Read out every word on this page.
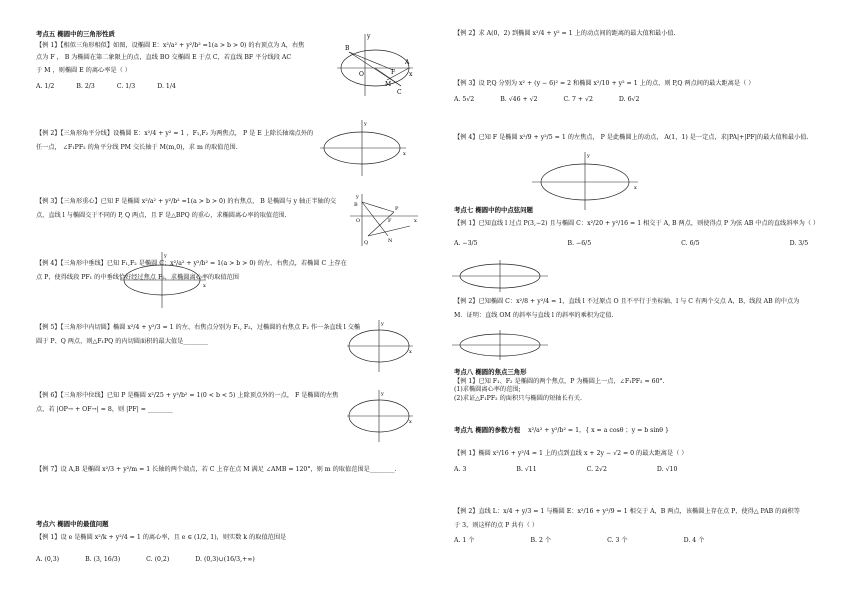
考点五 椭圆中的三角形性质
【例 1】【相似三角形相似】如图，设椭圆 E：x²/a² + y²/b² =1(a > b > 0) 的右顶点为 A，右焦
点为 F ， B 为椭圆在第二象限上的点，直线 BO 交椭圆 E 于点 C，若直线 BF 平分线段 AC
于 M ，则椭圆 E 的离心率是（ ）
A. 1/2	B. 2/3	C. 1/3	D. 1/4
B
y
A
x
C
F
M
O
【例 2】【三角形角平分线】设椭圆 E：x²/4 + y² = 1 ，F₁,F₂ 为两焦点， P 是 E 上除长轴端点外的
任一点， ∠F₁PF₂ 的角平分线 PM 交长轴于 M(m,0)，求 m 的取值范围.
y
x
【例 3】【三角形重心】已知 F 是椭圆 x²/a² + y²/b² =1(a > b > 0) 的右焦点， B 是椭圆与 y 轴正半轴的交
点，直线 l 与椭圆交于不同的 P, Q 两点，且 F 是△BPQ 的重心，求椭圆离心率的取值范围.
y
B
P
F	x
O
Q	N
【例 4】【三角形中垂线】已知 F₁,F₂ 是椭圆 C：x²/a² + y²/b² = 1(a > b > 0) 的左、右焦点，若椭圆 C 上存在
点 P，使得线段 PF₁ 的中垂线恰好经过焦点 F₂，求椭圆离心率的取值范围
y
x
【例 5】【三角形中内切圆】椭圆 x²/4 + y²/3 = 1 的左、右焦点分别为 F₁, F₂，过椭圆的右焦点 F₂ 作一条直线 l 交椭
圆于 P、Q 两点，则△F₁PQ 的内切圆面积的最大值是________
y
x
【例 6】【三角形中位线】已知 P 是椭圆 x²/25 + y²/b² = 1(0 < b < 5) 上除顶点外的一点， F 是椭圆的左焦
点，若 |OP→ + OF→| = 8，则 |PF| = ________
y
x
【例 7】设 A,B 是椭圆 x²/3 + y²/m = 1 长轴的两个端点，若 C 上存在点 M 满足 ∠AMB = 120°，则 m 的取值范围是________.
考点六 椭圆中的最值问题
【例 1】设 e 是椭圆 x²/k + y²/4 = 1 的离心率，且 e ∈ (1/2, 1)，则实数 k 的取值范围是
A. (0,3)	B. (3, 16/3)	C. (0,2)	D. (0,3)∪(16/3,+∞)
【例 2】求 A(0，2) 到椭圆 x²/4 + y² = 1 上的动点间的距离的最大值和最小值.
【例 3】设 P,Q 分别为 x² + (y − 6)² = 2 和椭圆 x²/10 + y² = 1 上的点，则 P,Q 两点间的最大距离是（ ）
A. 5√2	B. √46 + √2	C. 7 + √2	D. 6√2
【例 4】已知 F 是椭圆 x²/9 + y²/5 = 1 的左焦点， P 是此椭圆上的动点， A(1，1) 是一定点，求|PA|+|PF|的最大值和最小值.
y
x
考点七 椭圆中的中点弦问题
【例 1】已知直线 l 过点 P(3,−2) 且与椭圆 C：x²/20 + y²/16 = 1 相交于 A, B 两点，则使得点 P 为弦 AB 中点的直线斜率为（ ）
A. −3/5	B. −6/5	C. 6/5	D. 3/5
【例 2】已知椭圆 C：x²/8 + y²/4 = 1，直线 l 不过原点 O 且不平行于坐标轴，l 与 C 有两个交点 A，B，线段 AB 的中点为
M．证明：直线 OM 的斜率与直线 l 的斜率的乘积为定值.
考点八 椭圆的焦点三角形
【例 1】已知 F₁、F₂ 是椭圆的两个焦点，P 为椭圆上一点，∠F₁PF₂ = 60°.
(1)求椭圆离心率的范围;
(2)求证△F₁PF₂ 的面积只与椭圆的短轴长有关.
考点九 椭圆的参数方程 x²/a² + y²/b² = 1，{ x = a cosθ ；y = b sinθ }
【例 1】椭圆 x²/16 + y²/4 = 1 上的点到直线 x + 2y − √2 = 0 的最大距离是（ ）
A. 3	B. √11	C. 2√2	D. √10
【例 2】直线 L：x/4 + y/3 = 1 与椭圆 E：x²/16 + y²/9 = 1 相交于 A，B 两点，该椭圆上存在点 P，使得△ PAB 的面积等
于 3，则这样的点 P 共有（ ）
A. 1 个	B. 2 个	C. 3 个	D. 4 个
